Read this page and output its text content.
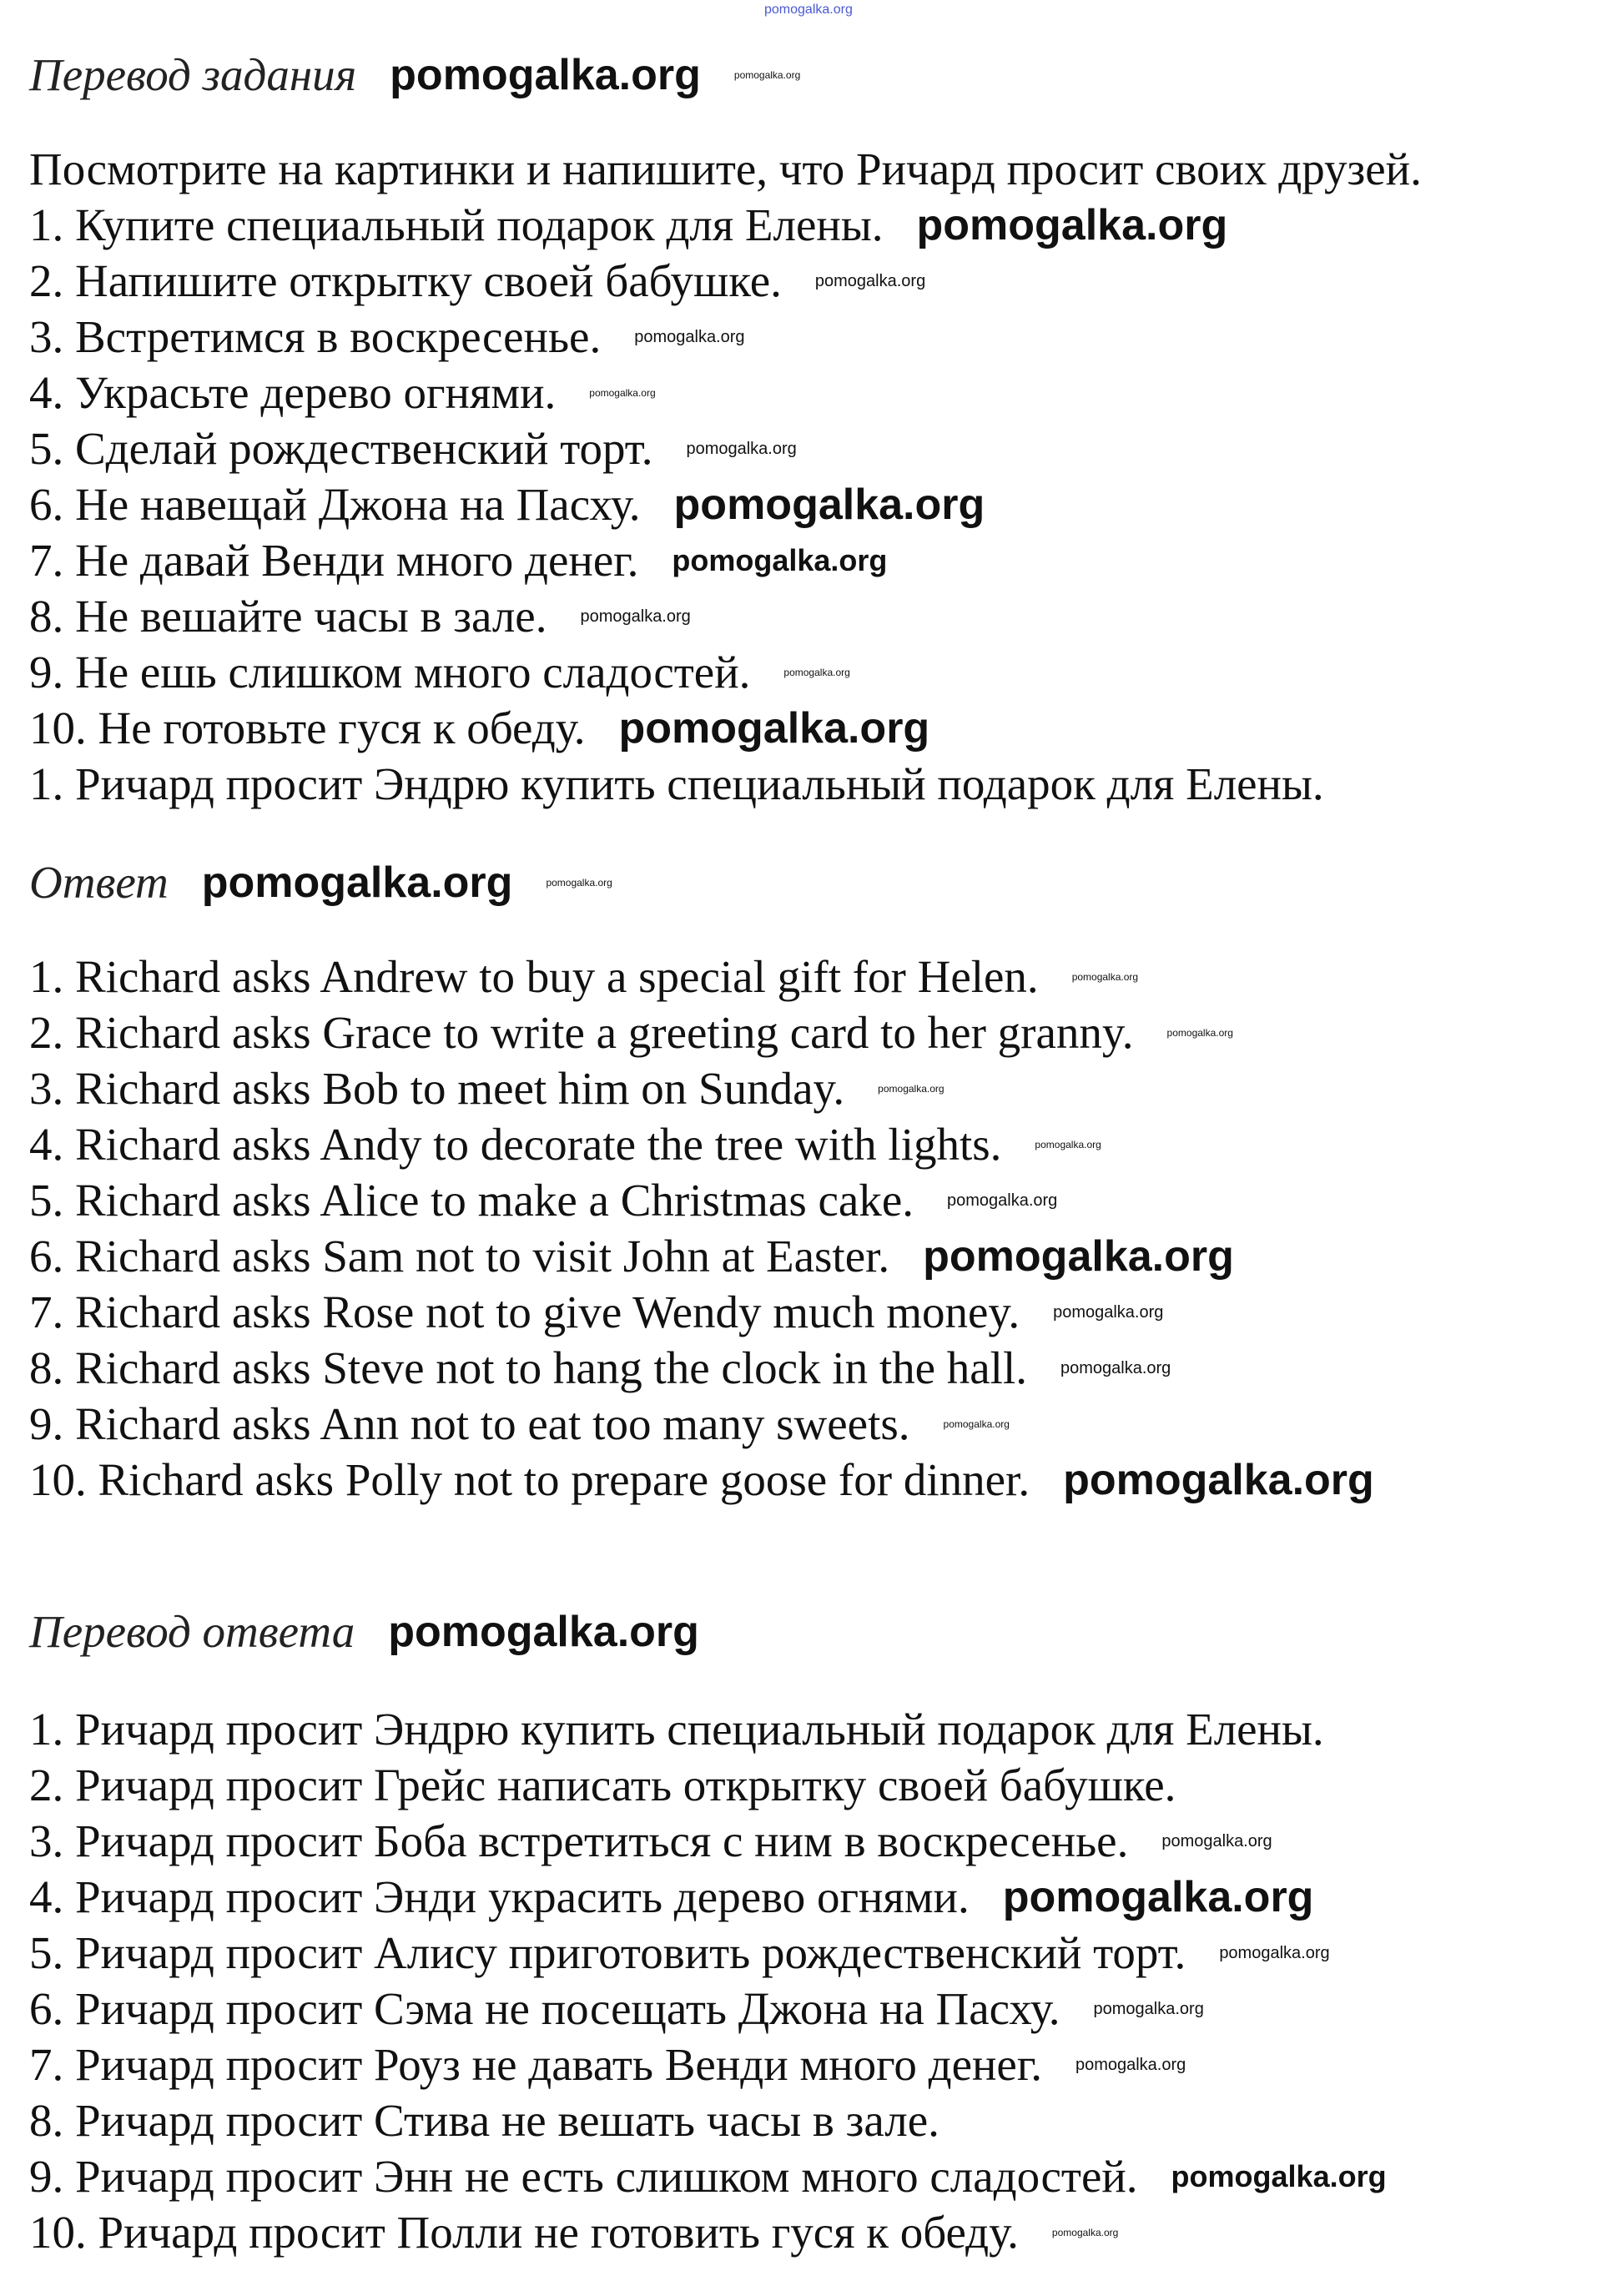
pomogalka.org
Перевод задания pomogalka.org	pomogalka.org
Посмотрите на картинки и напишите, что Ричард просит своих друзей.
1. Купите специальный подарок для Елены. pomogalka.org
2. Напишите открытку своей бабушке. pomogalka.org
3. Встретимся в воскресенье. pomogalka.org
4. Украсьте дерево огнями.	pomogalka.org
5. Сделай рождественский торт. pomogalka.org
6. Не навещай Джона на Пасху. pomogalka.org
7. Не давай Венди много денег. pomogalka.org
8. Не вешайте часы в зале. pomogalka.org
9. Не ешь слишком много сладостей.	pomogalka.org
10. Не готовьте гуся к обеду. pomogalka.org
1. Ричард просит Эндрю купить специальный подарок для Елены.
Ответ pomogalka.org	pomogalka.org
1. Richard asks Andrew to buy a special gift for Helen.	pomogalka.org
2. Richard asks Grace to write a greeting card to her granny.	pomogalka.org
3. Richard asks Bob to meet him on Sunday.	pomogalka.org
4. Richard asks Andy to decorate the tree with lights.	pomogalka.org
5. Richard asks Alice to make a Christmas cake. pomogalka.org
6. Richard asks Sam not to visit John at Easter. pomogalka.org
7. Richard asks Rose not to give Wendy much money. pomogalka.org
8. Richard asks Steve not to hang the clock in the hall. pomogalka.org
9. Richard asks Ann not to eat too many sweets.	pomogalka.org
10. Richard asks Polly not to prepare goose for dinner. pomogalka.org
Перевод ответа pomogalka.org
1. Ричард просит Эндрю купить специальный подарок для Елены.
2. Ричард просит Грейс написать открытку своей бабушке.
3. Ричард просит Боба встретиться с ним в воскресенье. pomogalka.org
4. Ричард просит Энди украсить дерево огнями. pomogalka.org
5. Ричард просит Алису приготовить рождественский торт. pomogalka.org
6. Ричард просит Сэма не посещать Джона на Пасху. pomogalka.org
7. Ричард просит Роуз не давать Венди много денег. pomogalka.org
8. Ричард просит Стива не вешать часы в зале.
9. Ричард просит Энн не есть слишком много сладостей. pomogalka.org
10. Ричард просит Полли не готовить гуся к обеду.	pomogalka.org
